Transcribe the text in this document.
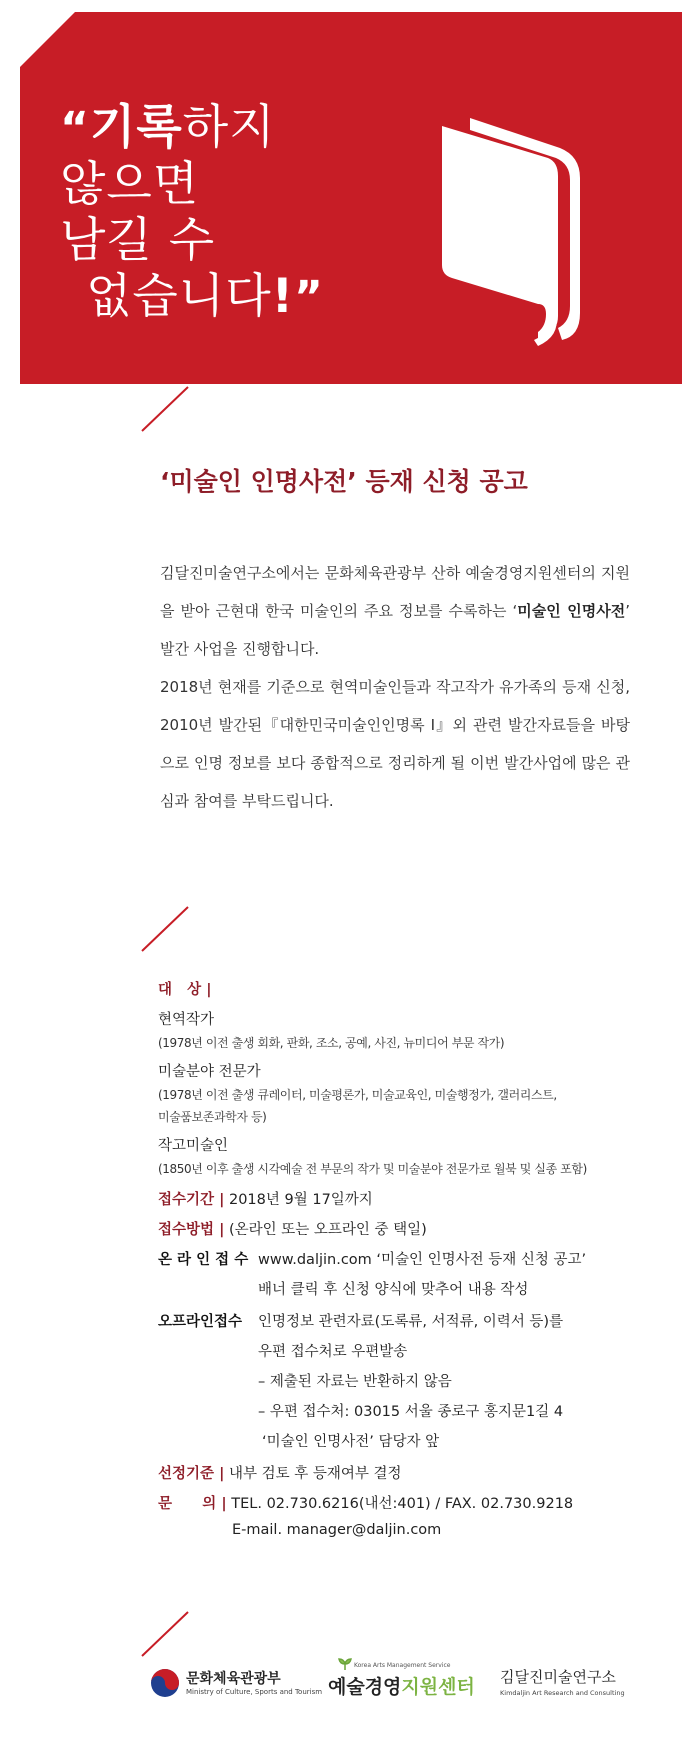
“기록하지
않으면
남길 수
없습니다!”
‘미술인 인명사전’ 등재 신청 공고

김달진미술연구소에서는 문화체육관광부 산하 예술경영지원센터의 지원을 받아 근현대 한국 미술인의 주요 정보를 수록하는 ‘미술인 인명사전’ 발간 사업을 진행합니다.

2018년 현재를 기준으로 현역미술인들과 작고작가 유가족의 등재 신청, 2010년 발간된『대한민국미술인인명록 Ⅰ』외 관련 발간자료들을 바탕으로 인명 정보를 보다 종합적으로 정리하게 될 이번 발간사업에 많은 관심과 참여를 부탁드립니다.

대   상 |
현역작가
(1978년 이전 출생 회화, 판화, 조소, 공예, 사진, 뉴미디어 부문 작가)
미술분야 전문가
(1978년 이전 출생 큐레이터, 미술평론가, 미술교육인, 미술행정가, 갤러리스트,
미술품보존과학자 등)
작고미술인
(1850년 이후 출생 시각예술 전 부문의 작가 및 미술분야 전문가로 월북 및 실종 포함)
접수기간 | 2018년 9월 17일까지
접수방법 | (온라인 또는 오프라인 중 택일)
온 라 인 접 수 www.daljin.com ‘미술인 인명사전 등재 신청 공고’
배너 클릭 후 신청 양식에 맞추어 내용 작성
오프라인접수 인명정보 관련자료(도록류, 서적류, 이력서 등)를
우편 접수처로 우편발송
– 제출된 자료는 반환하지 않음
– 우편 접수처: 03015 서울 종로구 홍지문1길 4
‘미술인 인명사전’ 담당자 앞
선정기준 | 내부 검토 후 등재여부 결정
문      의 | TEL. 02.730.6216(내선:401) / FAX. 02.730.9218
E-mail. manager@daljin.com
문화체육관광부
Ministry of Culture, Sports and Tourism
Korea Arts Management Service
예술경영지원센터 김달진미술연구소
Kimdaljin Art Research and Consulting
